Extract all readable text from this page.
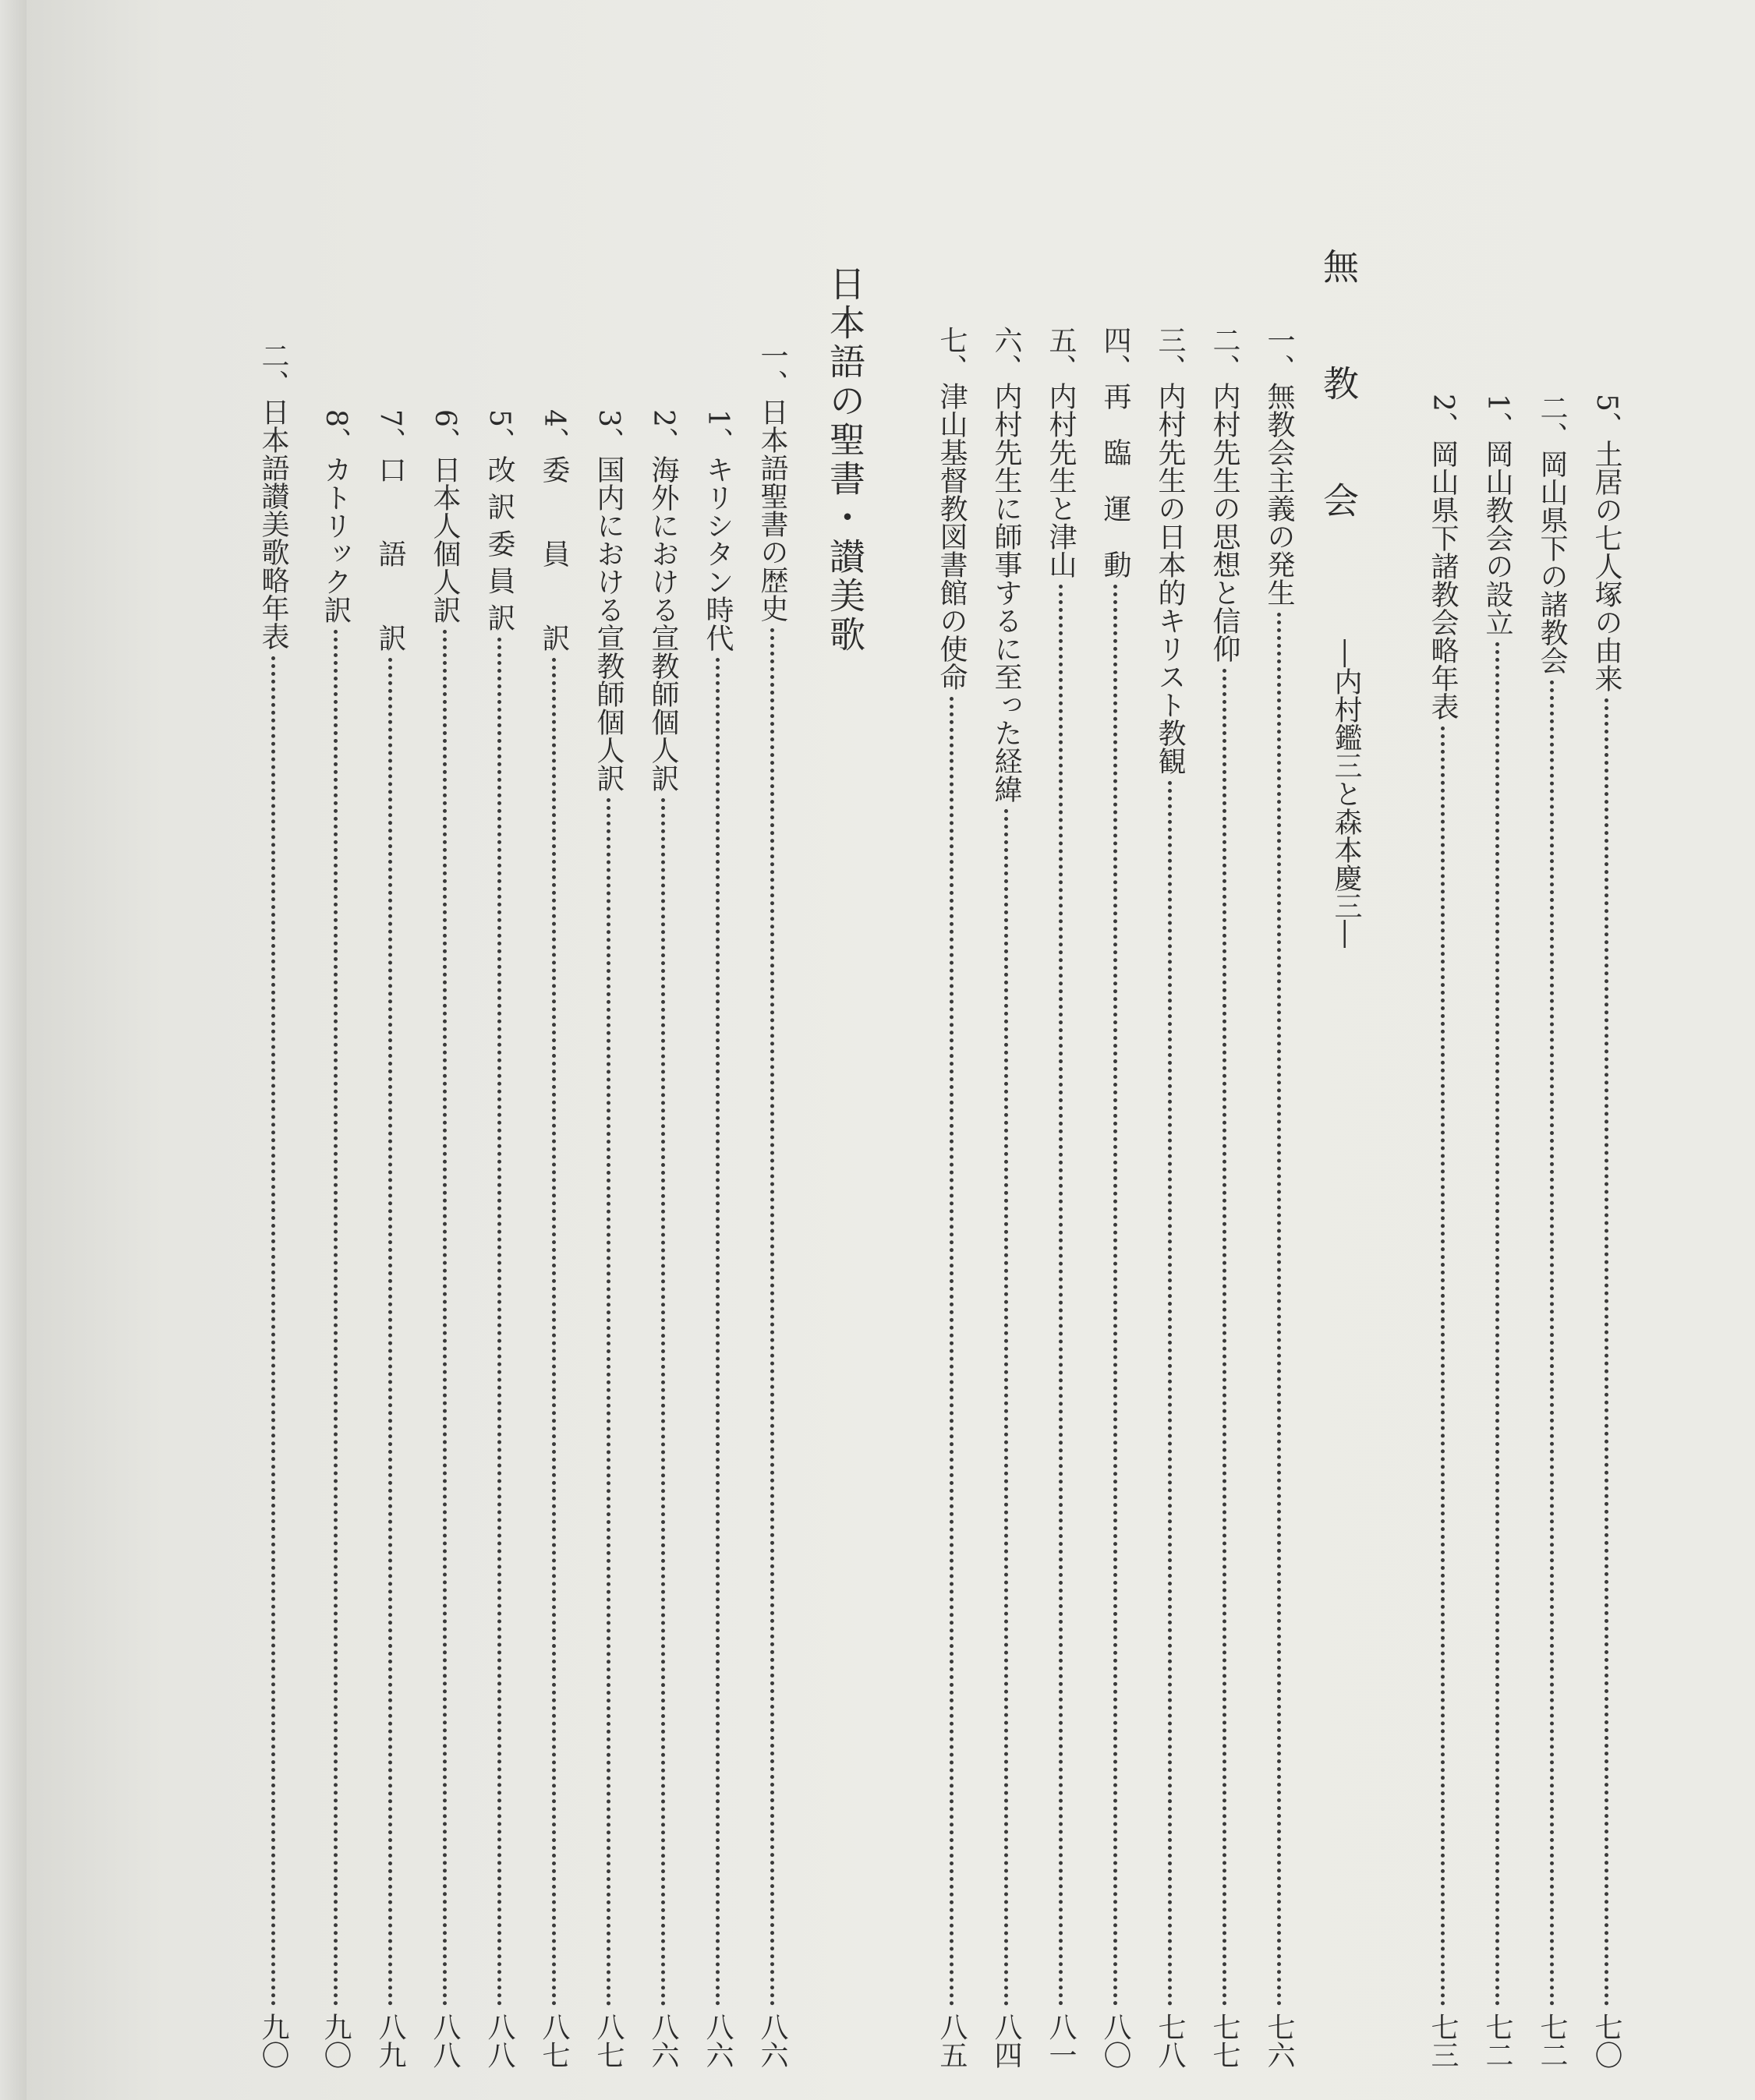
5、土居の七人塚の由来
七〇
二、岡山県下の諸教会
七二
1、岡山教会の設立
七二
2、岡山県下諸教会略年表
七三
無　　教　　会
―内村鑑三と森本慶三―
一、無教会主義の発生
七六
二、内村先生の思想と信仰
七七
三、内村先生の日本的キリスト教観
七八
四、再　臨　運　動
八〇
五、内村先生と津山
八一
六、内村先生に師事するに至った経緯
八四
七、津山基督教図書館の使命
八五
日本語の聖書・讃美歌
一、日本語聖書の歴史
八六
1、キリシタン時代
八六
2、海外における宣教師個人訳
八六
3、国内における宣教師個人訳
八七
4、委　　員　　訳
八七
5、改 訳 委 員 訳
八八
6、日本人個人訳
八八
7、口　　語　　訳
八九
8、カトリック訳
九〇
二、日本語讃美歌略年表
九〇
